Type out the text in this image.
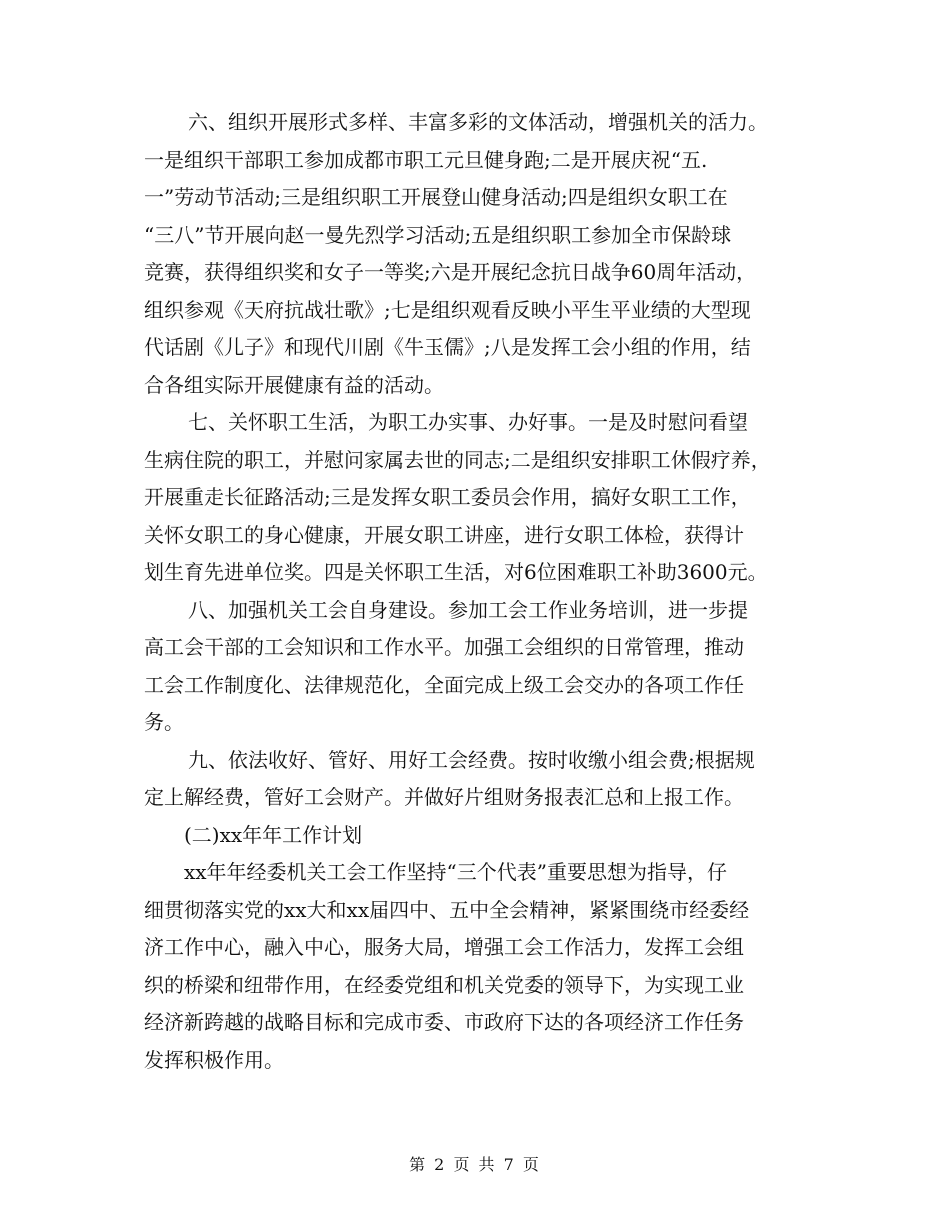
六、组织开展形式多样、丰富多彩的文体活动，增强机关的活力。
一是组织干部职工参加成都市职工元旦健身跑;二是开展庆祝“五.
一”劳动节活动;三是组织职工开展登山健身活动;四是组织女职工在
“三八”节开展向赵一曼先烈学习活动;五是组织职工参加全市保龄球
竞赛，获得组织奖和女子一等奖;六是开展纪念抗日战争60周年活动，
组织参观《天府抗战壮歌》;七是组织观看反映小平生平业绩的大型现
代话剧《儿子》和现代川剧《牛玉儒》;八是发挥工会小组的作用，结
合各组实际开展健康有益的活动。
七、关怀职工生活，为职工办实事、办好事。一是及时慰问看望
生病住院的职工，并慰问家属去世的同志;二是组织安排职工休假疗养，
开展重走长征路活动;三是发挥女职工委员会作用，搞好女职工工作，
关怀女职工的身心健康，开展女职工讲座，进行女职工体检，获得计
划生育先进单位奖。四是关怀职工生活，对6位困难职工补助3600元。
八、加强机关工会自身建设。参加工会工作业务培训，进一步提
高工会干部的工会知识和工作水平。加强工会组织的日常管理，推动
工会工作制度化、法律规范化，全面完成上级工会交办的各项工作任
务。
九、依法收好、管好、用好工会经费。按时收缴小组会费;根据规
定上解经费，管好工会财产。并做好片组财务报表汇总和上报工作。
(二)xx年年工作计划
xx年年经委机关工会工作坚持“三个代表”重要思想为指导，仔
细贯彻落实党的xx大和xx届四中、五中全会精神，紧紧围绕市经委经
济工作中心，融入中心，服务大局，增强工会工作活力，发挥工会组
织的桥梁和纽带作用，在经委党组和机关党委的领导下，为实现工业
经济新跨越的战略目标和完成市委、市政府下达的各项经济工作任务
发挥积极作用。
第 2 页 共 7 页
